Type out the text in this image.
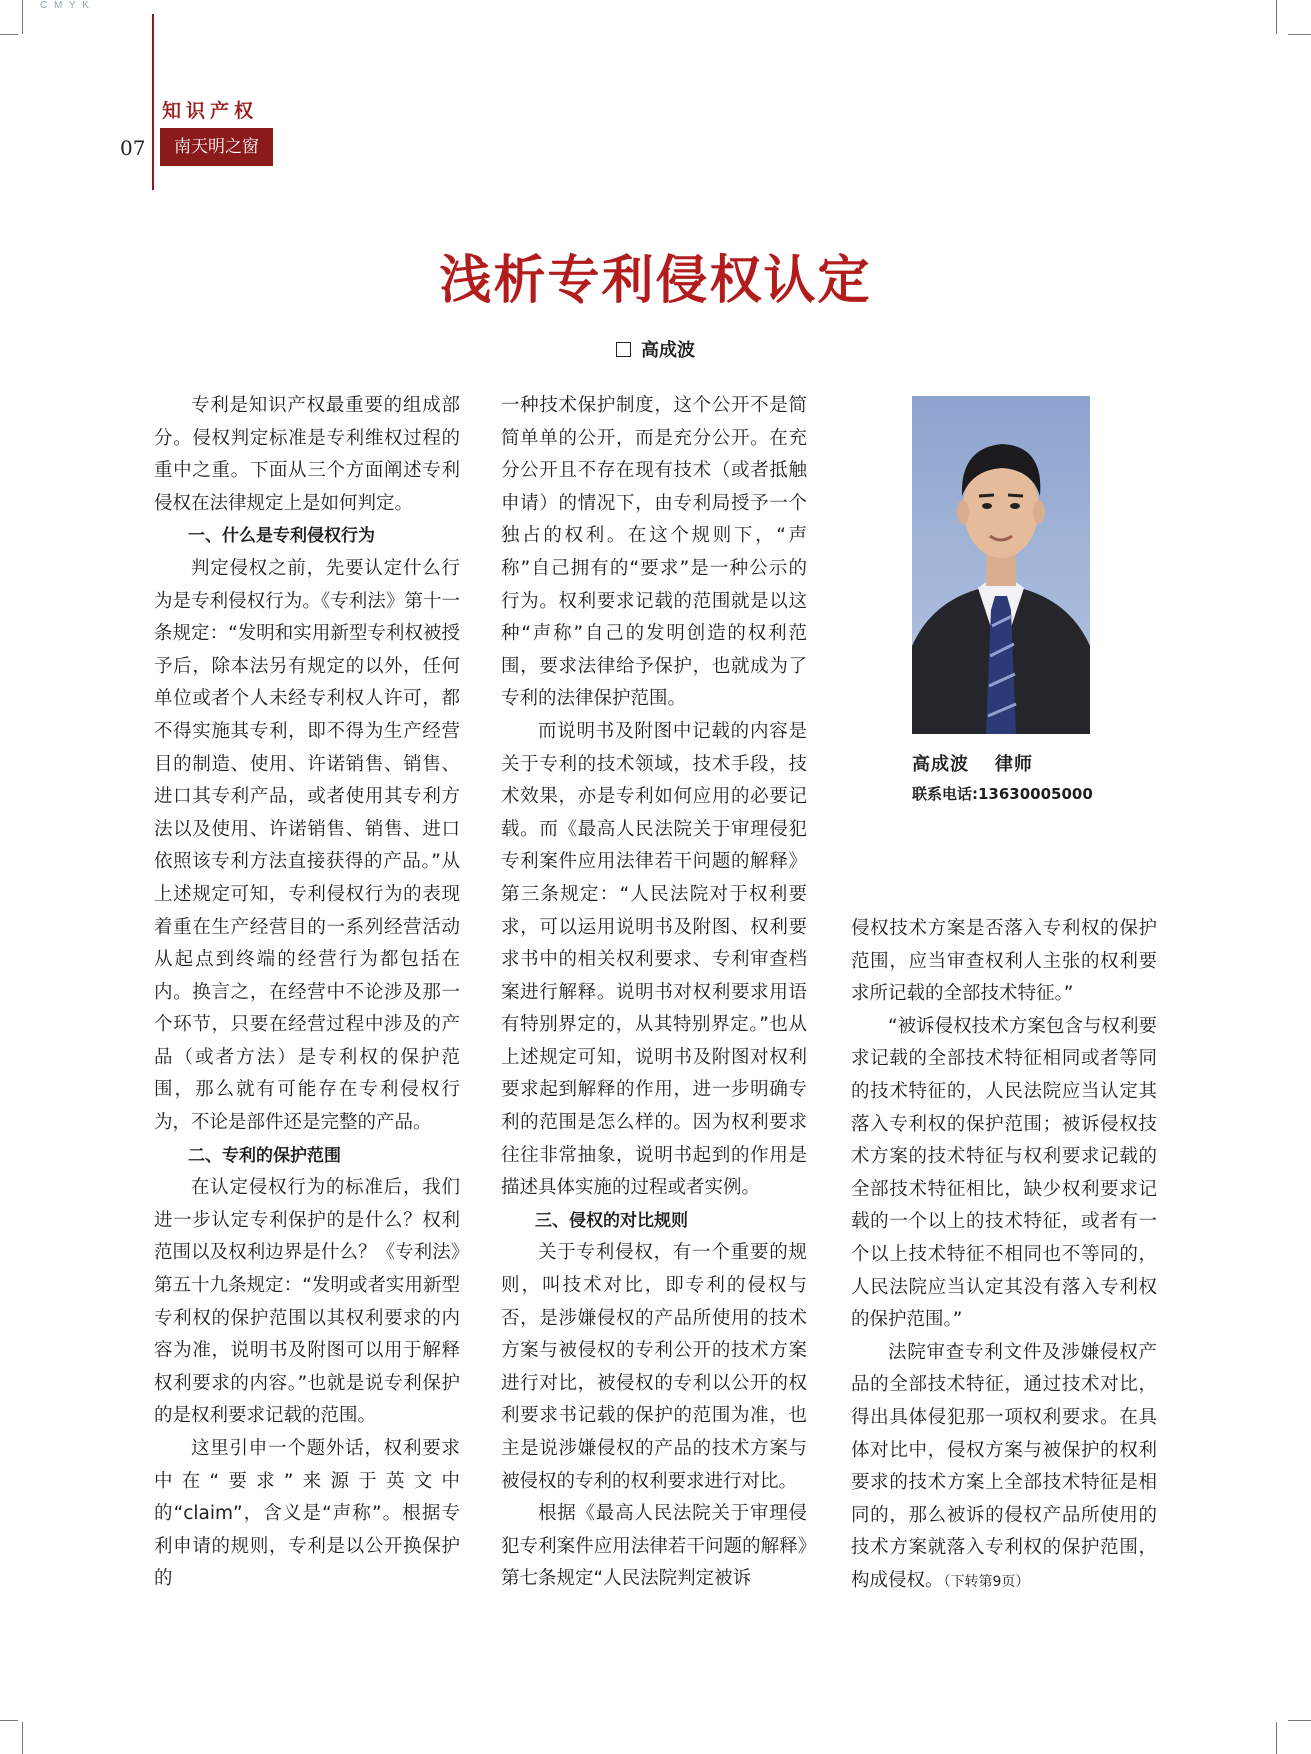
C M Y K
知识产权
07	南天明之窗
浅析专利侵权认定
高成波

专利是知识产权最重要的组成部分。侵权判定标准是专利维权过程的重中之重。下面从三个方面阐述专利侵权在法律规定上是如何判定。

一、什么是专利侵权行为

判定侵权之前，先要认定什么行为是专利侵权行为。《专利法》第十一条规定：“发明和实用新型专利权被授予后，除本法另有规定的以外，任何单位或者个人未经专利权人许可，都不得实施其专利，即不得为生产经营目的制造、使用、许诺销售、销售、进口其专利产品，或者使用其专利方法以及使用、许诺销售、销售、进口依照该专利方法直接获得的产品。”从上述规定可知，专利侵权行为的表现着重在生产经营目的一系列经营活动从起点到终端的经营行为都包括在内。换言之，在经营中不论涉及那一个环节，只要在经营过程中涉及的产品（或者方法）是专利权的保护范围，那么就有可能存在专利侵权行为，不论是部件还是完整的产品。

二、专利的保护范围

在认定侵权行为的标准后，我们进一步认定专利保护的是什么？权利范围以及权利边界是什么？《专利法》第五十九条规定：“发明或者实用新型专利权的保护范围以其权利要求的内容为准，说明书及附图可以用于解释权利要求的内容。”也就是说专利保护的是权利要求记载的范围。

这里引申一个题外话，权利要求中在“要求”来源于英文中的“claim”，含义是“声称”。根据专利申请的规则，专利是以公开换保护的

一种技术保护制度，这个公开不是简简单单的公开，而是充分公开。在充分公开且不存在现有技术（或者抵触申请）的情况下，由专利局授予一个独占的权利。在这个规则下，“声称”自己拥有的“要求”是一种公示的行为。权利要求记载的范围就是以这种“声称”自己的发明创造的权利范围，要求法律给予保护，也就成为了专利的法律保护范围。

而说明书及附图中记载的内容是关于专利的技术领域，技术手段，技术效果，亦是专利如何应用的必要记载。而《最高人民法院关于审理侵犯专利案件应用法律若干问题的解释》第三条规定：“人民法院对于权利要求，可以运用说明书及附图、权利要求书中的相关权利要求、专利审查档案进行解释。说明书对权利要求用语有特别界定的，从其特别界定。”也从上述规定可知，说明书及附图对权利要求起到解释的作用，进一步明确专利的范围是怎么样的。因为权利要求往往非常抽象，说明书起到的作用是描述具体实施的过程或者实例。

三、侵权的对比规则

关于专利侵权，有一个重要的规则，叫技术对比，即专利的侵权与否，是涉嫌侵权的产品所使用的技术方案与被侵权的专利公开的技术方案进行对比，被侵权的专利以公开的权利要求书记载的保护的范围为准，也主是说涉嫌侵权的产品的技术方案与被侵权的专利的权利要求进行对比。

根据《最高人民法院关于审理侵犯专利案件应用法律若干问题的解释》第七条规定“人民法院判定被诉

高成波 律师
联系电话:13630005000

侵权技术方案是否落入专利权的保护范围，应当审查权利人主张的权利要求所记载的全部技术特征。”

“被诉侵权技术方案包含与权利要求记载的全部技术特征相同或者等同的技术特征的，人民法院应当认定其落入专利权的保护范围；被诉侵权技术方案的技术特征与权利要求记载的全部技术特征相比，缺少权利要求记载的一个以上的技术特征，或者有一个以上技术特征不相同也不等同的，人民法院应当认定其没有落入专利权的保护范围。”

法院审查专利文件及涉嫌侵权产品的全部技术特征，通过技术对比，得出具体侵犯那一项权利要求。在具体对比中，侵权方案与被保护的权利要求的技术方案上全部技术特征是相同的，那么被诉的侵权产品所使用的技术方案就落入专利权的保护范围，构成侵权。（下转第9页）
